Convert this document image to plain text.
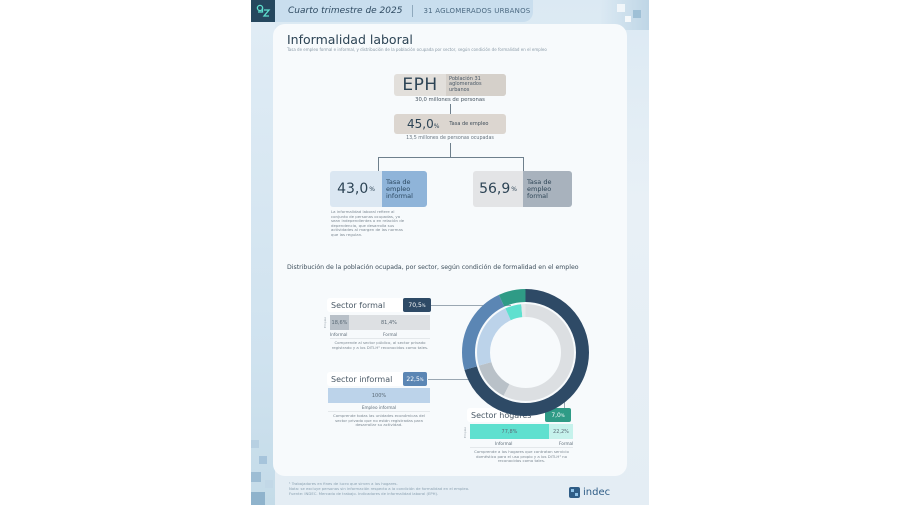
Cuarto trimestre de 2025	31 AGLOMERADOS URBANOS
Informalidad laboral
Tasa de empleo formal e informal, y distribución de la población ocupada por sector, según condición de formalidad en el empleo
EPH	Población 31 aglomerados urbanos
30,0 millones de personas
45,0% Tasa de empleo
13,5 millones de personas ocupadas
43,0 %
Tasa de empleo informal
La informalidad laboral refiere al conjunto de personas ocupadas, ya sean independientes o en relación de dependencia, que desarrolla sus actividades al margen de las normas que las regulan.
56,9 %
Tasa de empleo formal
Distribución de la población ocupada, por sector, según condición de formalidad en el empleo
Sector formal	70,5 %
Empleo 18,6%	81,4%
Informal	Formal
Comprende al sector público, al sector privado registrado y a los DiTLH¹ reconocidos como tales.
Sector informal	22,5 %
100%
Empleo informal
Comprende todas las unidades económicas del sector privado que no están registradas para desarrollar su actividad.
Sector hogares	7,0 %
Empleo	77,8%	22,2%
Informal	Formal
Comprende a los hogares que contratan servicio doméstico para el uso propio y a los DiTLH¹ no reconocidos como tales.
¹ Trabajadores en fines de lucro que sirven a los hogares.
Nota: se excluye personas sin información respecto a la condición de formalidad en el empleo.
Fuente: INDEC. Mercado de trabajo. Indicadores de informalidad laboral (EPH).	indec
